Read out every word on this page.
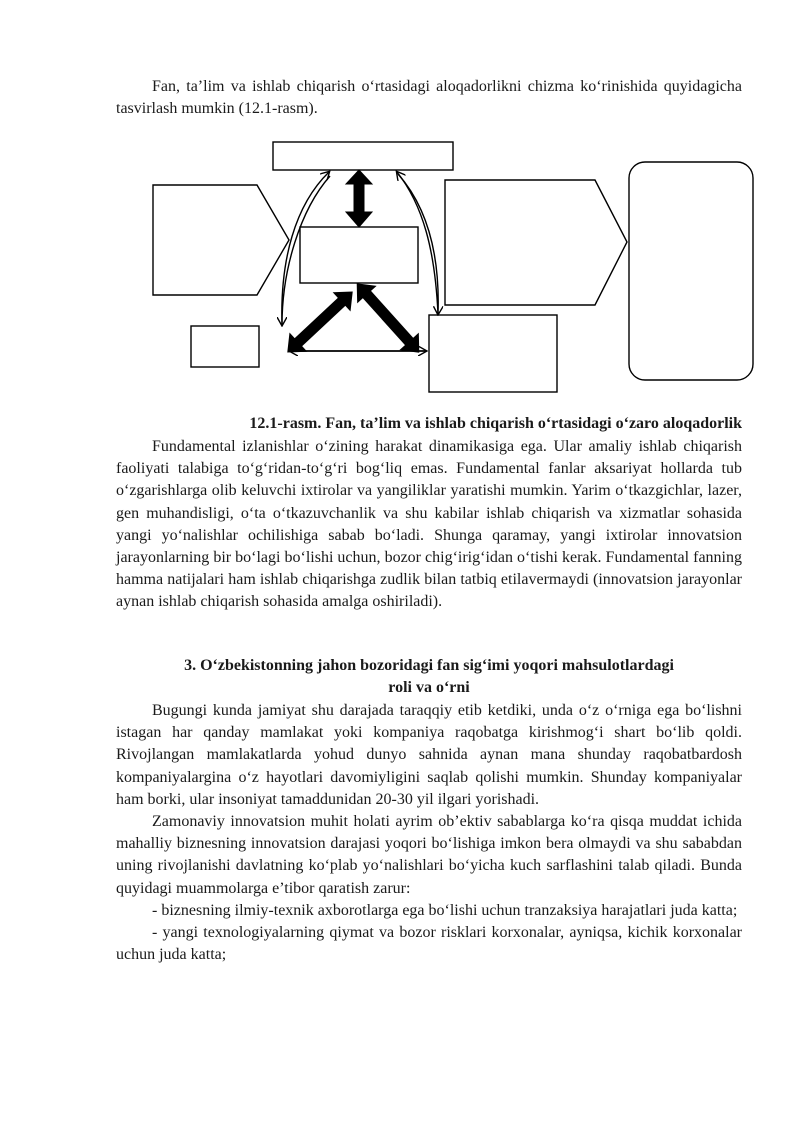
Fan, ta’lim va ishlab chiqarish o‘rtasidagi aloqadorlikni chizma ko‘rinishida quyidagicha tasvirlash mumkin (12.1-rasm).

12.1-rasm. Fan, ta’lim va ishlab chiqarish o‘rtasidagi o‘zaro aloqadorlik

Fundamental izlanishlar o‘zining harakat dinamikasiga ega. Ular amaliy ishlab chiqarish faoliyati talabiga to‘g‘ridan-to‘g‘ri bog‘liq emas. Fundamental fanlar aksariyat hollarda tub o‘zgarishlarga olib keluvchi ixtirolar va yangiliklar yaratishi mumkin. Yarim o‘tkazgichlar, lazer, gen muhandisligi, o‘ta o‘tkazuvchanlik va shu kabilar ishlab chiqarish va xizmatlar sohasida yangi yo‘nalishlar ochilishiga sabab bo‘ladi. Shunga qaramay, yangi ixtirolar innovatsion jarayonlarning bir bo‘lagi bo‘lishi uchun, bozor chig‘irig‘idan o‘tishi kerak. Fundamental fanning hamma natijalari ham ishlab chiqarishga zudlik bilan tatbiq etilavermaydi (innovatsion jarayonlar aynan ishlab chiqarish sohasida amalga oshiriladi).

3. O‘zbekistonning jahon bozoridagi fan sig‘imi yoqori mahsulotlardagi
roli va o‘rni

Bugungi kunda jamiyat shu darajada taraqqiy etib ketdiki, unda o‘z o‘rniga ega bo‘lishni istagan har qanday mamlakat yoki kompaniya raqobatga kirishmog‘i shart bo‘lib qoldi. Rivojlangan mamlakatlarda yohud dunyo sahnida aynan mana shunday raqobatbardosh kompaniyalargina o‘z hayotlari davomiyligini saqlab qolishi mumkin. Shunday kompaniyalar ham borki, ular insoniyat tamaddunidan 20-30 yil ilgari yorishadi.

Zamonaviy innovatsion muhit holati ayrim ob’ektiv sabablarga ko‘ra qisqa muddat ichida mahalliy biznesning innovatsion darajasi yoqori bo‘lishiga imkon bera olmaydi va shu sababdan uning rivojlanishi davlatning ko‘plab yo‘nalishlari bo‘yicha kuch sarflashini talab qiladi. Bunda quyidagi muammolarga e’tibor qaratish zarur:

- biznesning ilmiy-texnik axborotlarga ega bo‘lishi uchun tranzaksiya harajatlari juda katta;

- yangi texnologiyalarning qiymat va bozor risklari korxonalar, ayniqsa, kichik korxonalar uchun juda katta;
